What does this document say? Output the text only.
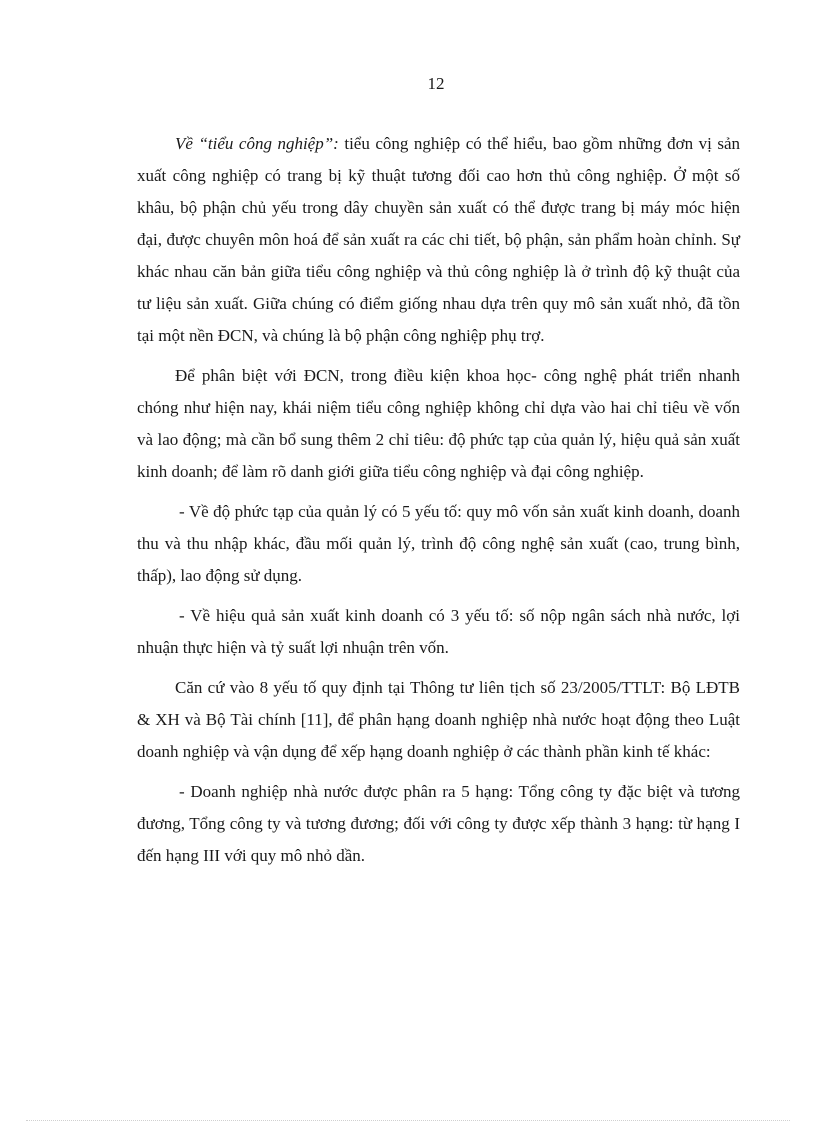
12

Về “tiểu công nghiệp”: tiểu công nghiệp có thể hiểu, bao gồm những đơn vị sản xuất công nghiệp có trang bị kỹ thuật tương đối cao hơn thủ công nghiệp. Ở một số khâu, bộ phận chủ yếu trong dây chuyền sản xuất có thể được trang bị máy móc hiện đại, được chuyên môn hoá để sản xuất ra các chi tiết, bộ phận, sản phẩm hoàn chỉnh. Sự khác nhau căn bản giữa tiểu công nghiệp và thủ công nghiệp là ở trình độ kỹ thuật của tư liệu sản xuất. Giữa chúng có điểm giống nhau dựa trên quy mô sản xuất nhỏ, đã tồn tại một nền ĐCN, và chúng là bộ phận công nghiệp phụ trợ.

Để phân biệt với ĐCN, trong điều kiện khoa học- công nghệ phát triển nhanh chóng như hiện nay, khái niệm tiểu công nghiệp không chỉ dựa vào hai chỉ tiêu về vốn và lao động; mà cần bổ sung thêm 2 chỉ tiêu: độ phức tạp của quản lý, hiệu quả sản xuất kinh doanh; để làm rõ danh giới giữa tiểu công nghiệp và đại công nghiệp.

- Về độ phức tạp của quản lý có 5 yếu tố: quy mô vốn sản xuất kinh doanh, doanh thu và thu nhập khác, đầu mối quản lý, trình độ công nghệ sản xuất (cao, trung bình, thấp), lao động sử dụng.

- Về hiệu quả sản xuất kinh doanh có 3 yếu tố: số nộp ngân sách nhà nước, lợi nhuận thực hiện và tỷ suất lợi nhuận trên vốn.

Căn cứ vào 8 yếu tố quy định tại Thông tư liên tịch số 23/2005/TTLT: Bộ LĐTB & XH và Bộ Tài chính [11], để phân hạng doanh nghiệp nhà nước hoạt động theo Luật doanh nghiệp và vận dụng để xếp hạng doanh nghiệp ở các thành phần kinh tế khác:

- Doanh nghiệp nhà nước được phân ra 5 hạng: Tổng công ty đặc biệt và tương đương, Tổng công ty và tương đương; đối với công ty được xếp thành 3 hạng: từ hạng I đến hạng III với quy mô nhỏ dần.
